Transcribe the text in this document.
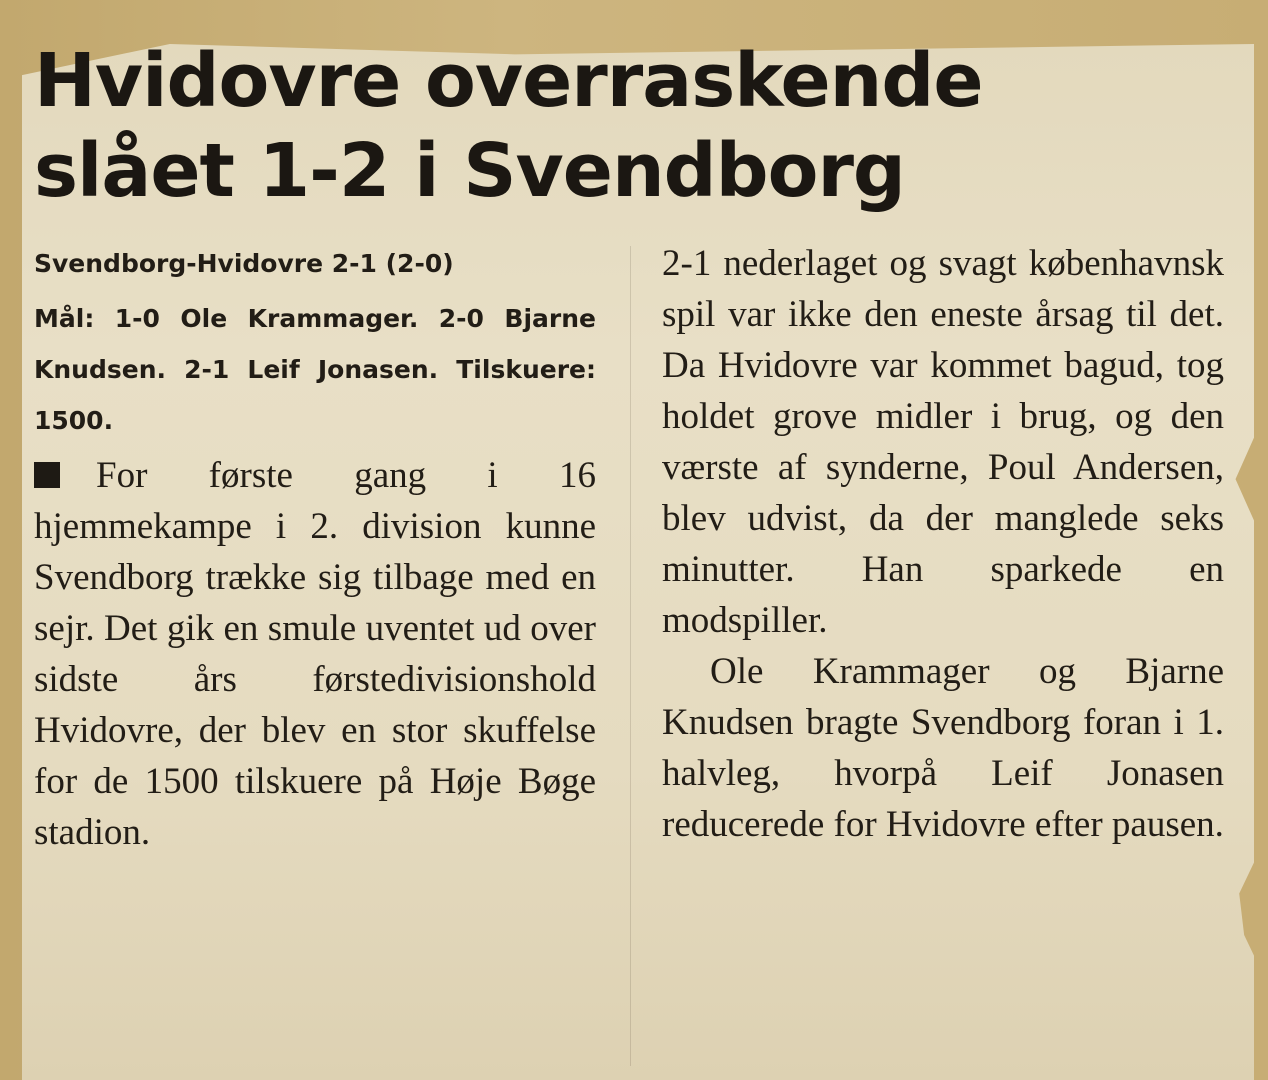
Hvidovre overraskende
slået 1-2 i Svendborg

Svendborg-Hvidovre 2-1 (2-0)

Mål: 1-0 Ole Krammager. 2-0 Bjarne Knudsen. 2-1 Leif Jonasen. Tilskuere: 1500.

For første gang i 16 hjemmekampe i 2. division kunne Svendborg trække sig tilbage med en sejr. Det gik en smule uventet ud over sidste års førstedivisionshold Hvidovre, der blev en stor skuffelse for de 1500 tilskuere på Høje Bøge stadion.

2-1 nederlaget og svagt københavnsk spil var ikke den eneste årsag til det. Da Hvidovre var kommet bagud, tog holdet grove midler i brug, og den værste af synderne, Poul Andersen, blev udvist, da der manglede seks minutter. Han sparkede en modspiller.

Ole Krammager og Bjarne Knudsen bragte Svendborg foran i 1. halvleg, hvorpå Leif Jonasen reducerede for Hvidovre efter pausen.
